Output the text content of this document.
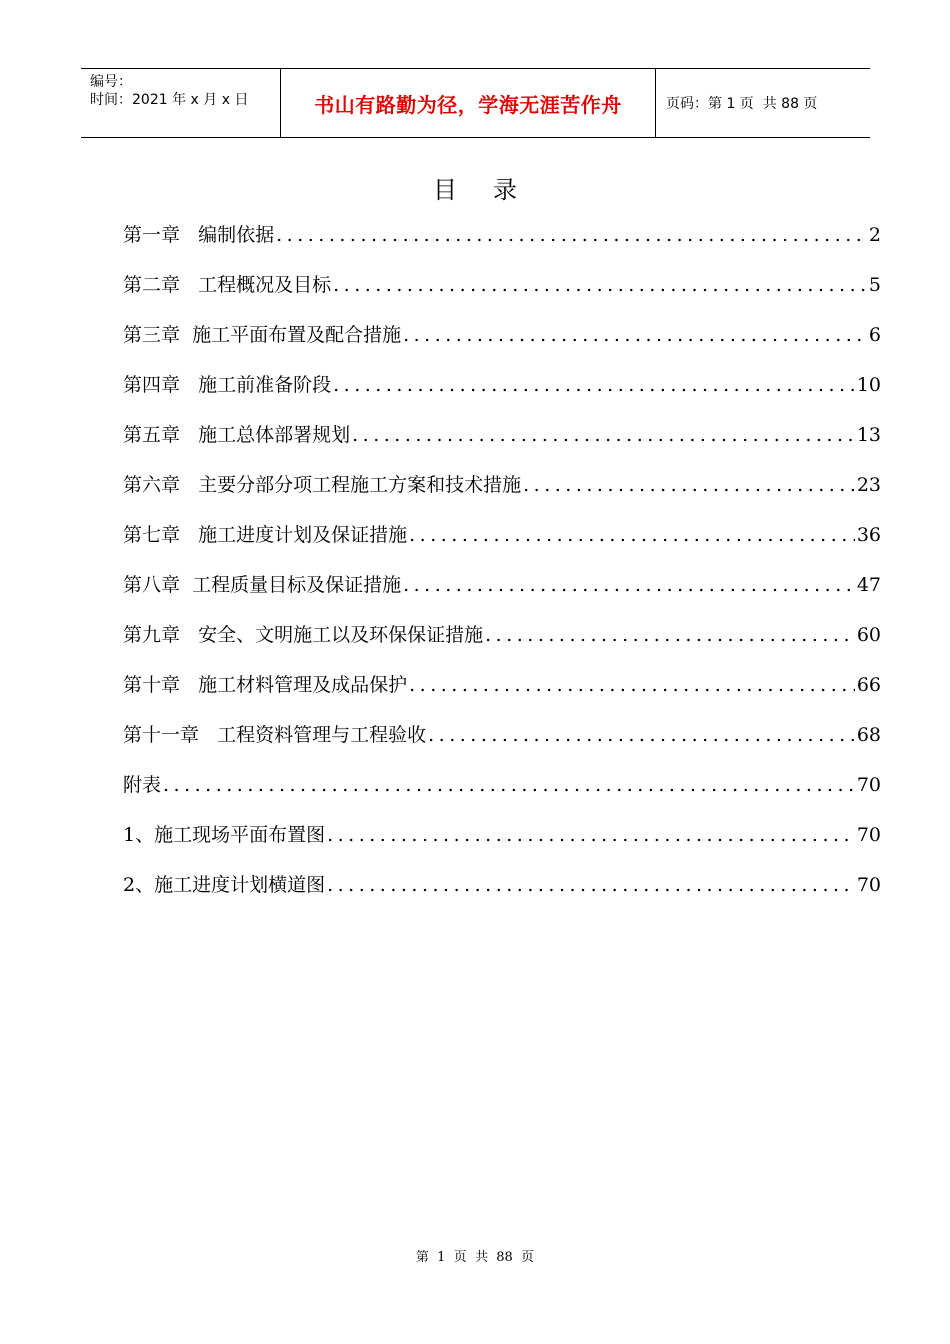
编号：
时间：2021 年 x 月 x 日	书山有路勤为径，学海无涯苦作舟	页码：第 1 页  共 88 页
目录
第一章   编制依据 .....	2
第二章   工程概况及目标 .....	5
第三章  施工平面布置及配合措施 .....	6
第四章   施工前准备阶段 .....	10
第五章   施工总体部署规划 .....	13
第六章   主要分部分项工程施工方案和技术措施 .....	23
第七章   施工进度计划及保证措施 .....	36
第八章  工程质量目标及保证措施 .....	47
第九章   安全、文明施工以及环保保证措施 .....	60
第十章   施工材料管理及成品保护 .....	66
第十一章   工程资料管理与工程验收 .....	68
附表 .....	70
1、施工现场平面布置图 .....	70
2、施工进度计划横道图 .....	70
第  1  页  共  88  页
